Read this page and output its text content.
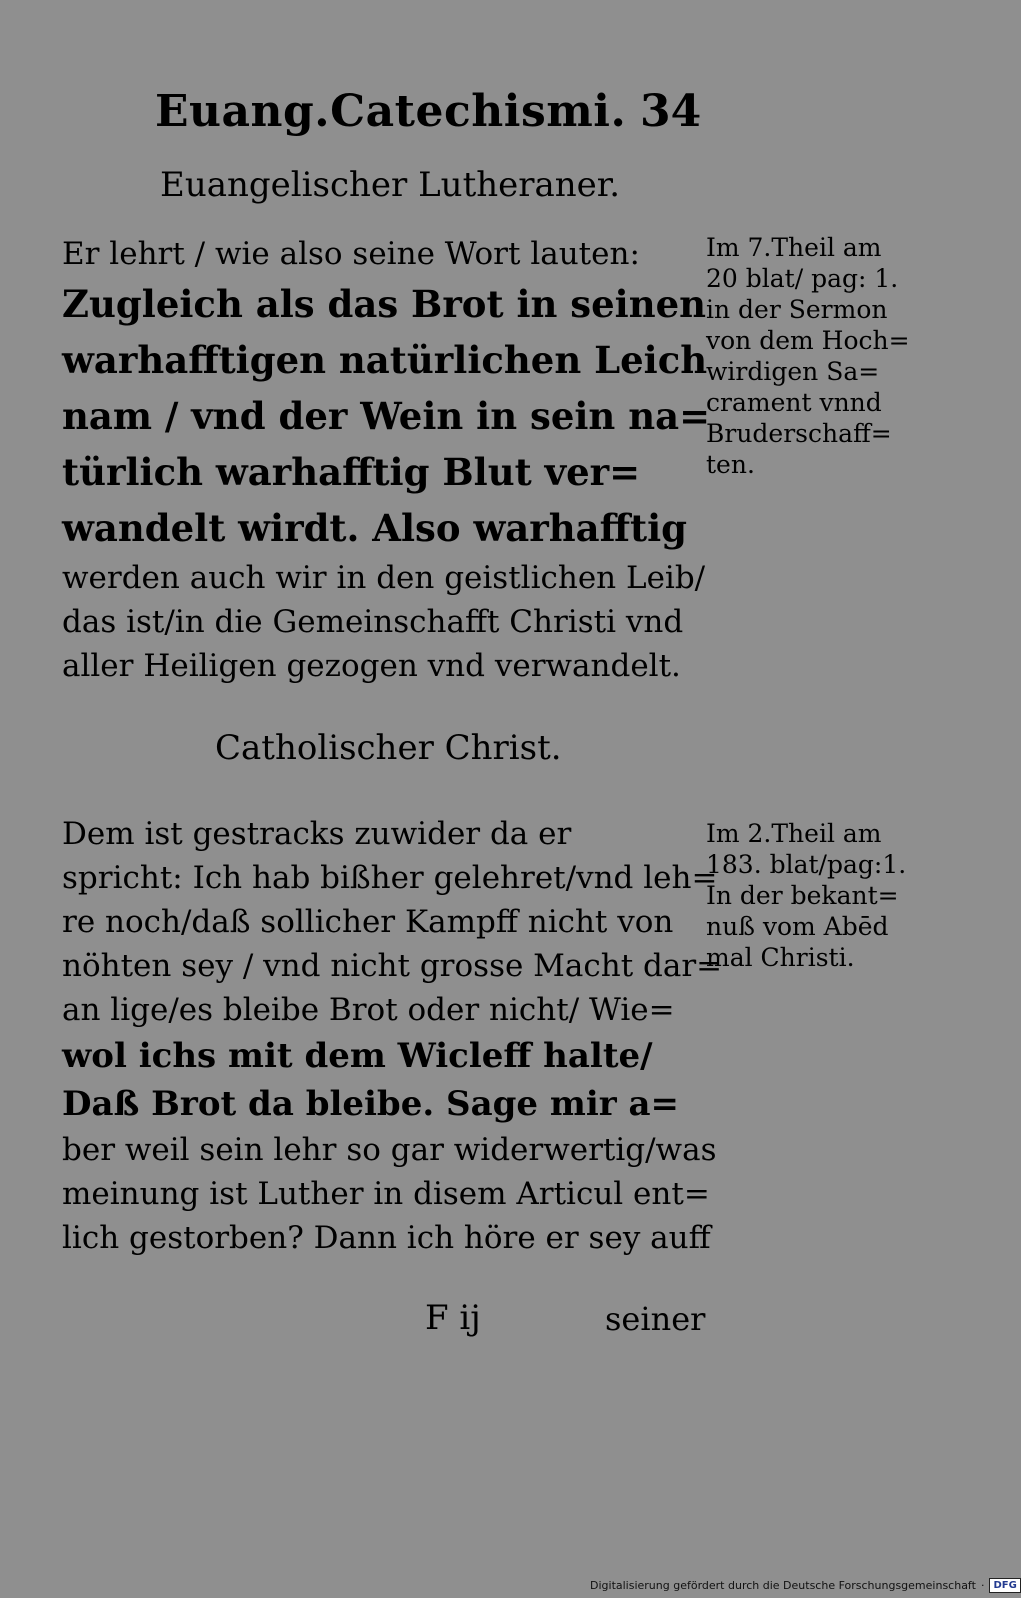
Euang.Catechismi. 34
Euangelischer Lutheraner.
Er lehrt / wie also seine Wort lauten:
Zugleich als das Brot in seinen
warhafftigen natürlichen Leich
nam / vnd der Wein in sein na=
türlich warhafftig Blut ver=
wandelt wirdt. Also warhafftig
werden auch wir in den geistlichen Leib/
das ist/in die Gemeinschafft Christi vnd
aller Heiligen gezogen vnd verwandelt.
Im 7.Theil am
20 blat/ pag: 1.
in der Sermon
von dem Hoch=
wirdigen Sa=
crament vnnd
Bruderschaff=
ten.
Catholischer Christ.
Dem ist gestracks zuwider da er
spricht: Ich hab bißher gelehret/vnd leh=
re noch/daß sollicher Kampff nicht von
nöhten sey / vnd nicht grosse Macht dar=
an lige/es bleibe Brot oder nicht/ Wie=
wol ichs mit dem Wicleff halte/
Daß Brot da bleibe. Sage mir a=
ber weil sein lehr so gar widerwertig/was
meinung ist Luther in disem Articul ent=
lich gestorben? Dann ich höre er sey auff
Im 2.Theil am
183. blat/pag:1.
In der bekant=
nuß vom Abēd
mal Christi.
F ij	seiner
Digitalisierung gefördert durch die Deutsche Forschungsgemeinschaft · DFG
